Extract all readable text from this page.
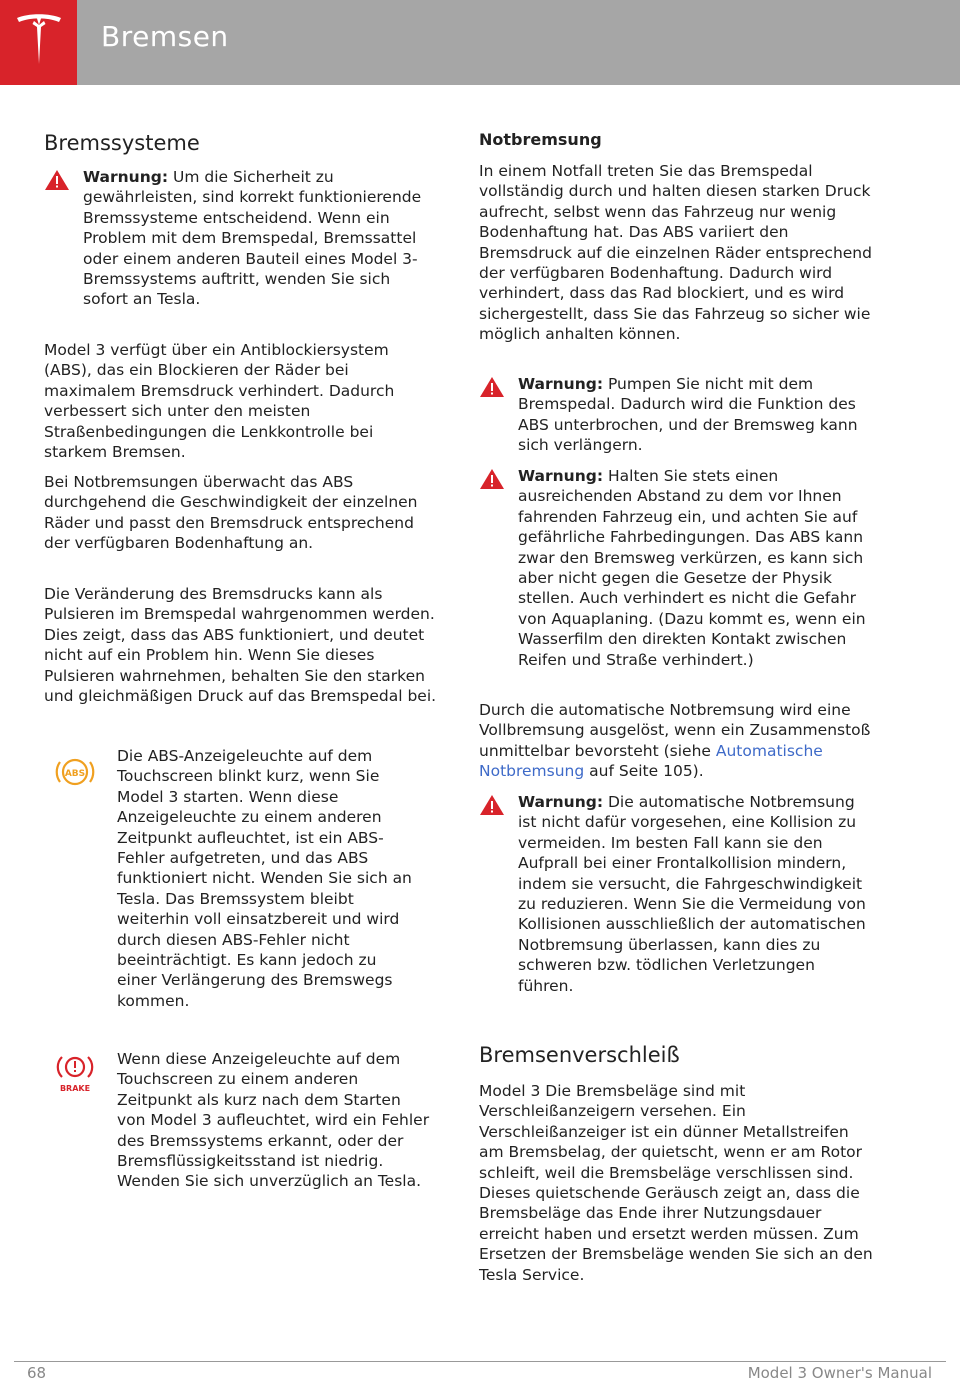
Bremsen
Bremssysteme
Warnung: Um die Sicherheit zu gewährleisten, sind korrekt funktionierende Bremssysteme entscheidend. Wenn ein Problem mit dem Bremspedal, Bremssattel oder einem anderen Bauteil eines Model 3-Bremssystems auftritt, wenden Sie sich sofort an Tesla.

Model 3 verfügt über ein Antiblockiersystem (ABS), das ein Blockieren der Räder bei maximalem Bremsdruck verhindert. Dadurch verbessert sich unter den meisten Straßenbedingungen die Lenkkontrolle bei starkem Bremsen.

Bei Notbremsungen überwacht das ABS durchgehend die Geschwindigkeit der einzelnen Räder und passt den Bremsdruck entsprechend der verfügbaren Bodenhaftung an.

Die Veränderung des Bremsdrucks kann als Pulsieren im Bremspedal wahrgenommen werden. Dies zeigt, dass das ABS funktioniert, und deutet nicht auf ein Problem hin. Wenn Sie dieses Pulsieren wahrnehmen, behalten Sie den starken und gleichmäßigen Druck auf das Bremspedal bei.

ABS
Die ABS-Anzeigeleuchte auf dem Touchscreen blinkt kurz, wenn Sie Model 3 starten. Wenn diese Anzeigeleuchte zu einem anderen Zeitpunkt aufleuchtet, ist ein ABS-Fehler aufgetreten, und das ABS funktioniert nicht. Wenden Sie sich an Tesla. Das Bremssystem bleibt weiterhin voll einsatzbereit und wird durch diesen ABS-Fehler nicht beeinträchtigt. Es kann jedoch zu einer Verlängerung des Bremswegs kommen.
BRAKE
Wenn diese Anzeigeleuchte auf dem Touchscreen zu einem anderen Zeitpunkt als kurz nach dem Starten von Model 3 aufleuchtet, wird ein Fehler des Bremssystems erkannt, oder der Bremsflüssigkeitsstand ist niedrig. Wenden Sie sich unverzüglich an Tesla.
Notbremsung

In einem Notfall treten Sie das Bremspedal vollständig durch und halten diesen starken Druck aufrecht, selbst wenn das Fahrzeug nur wenig Bodenhaftung hat. Das ABS variiert den Bremsdruck auf die einzelnen Räder entsprechend der verfügbaren Bodenhaftung. Dadurch wird verhindert, dass das Rad blockiert, und es wird sichergestellt, dass Sie das Fahrzeug so sicher wie möglich anhalten können.

Warnung: Pumpen Sie nicht mit dem Bremspedal. Dadurch wird die Funktion des ABS unterbrochen, und der Bremsweg kann sich verlängern.
Warnung: Halten Sie stets einen ausreichenden Abstand zu dem vor Ihnen fahrenden Fahrzeug ein, und achten Sie auf gefährliche Fahrbedingungen. Das ABS kann zwar den Bremsweg verkürzen, es kann sich aber nicht gegen die Gesetze der Physik stellen. Auch verhindert es nicht die Gefahr von Aquaplaning. (Dazu kommt es, wenn ein Wasserfilm den direkten Kontakt zwischen Reifen und Straße verhindert.)

Durch die automatische Notbremsung wird eine Vollbremsung ausgelöst, wenn ein Zusammenstoß unmittelbar bevorsteht (siehe Automatische Notbremsung auf Seite 105).

Warnung: Die automatische Notbremsung ist nicht dafür vorgesehen, eine Kollision zu vermeiden. Im besten Fall kann sie den Aufprall bei einer Frontalkollision mindern, indem sie versucht, die Fahrgeschwindigkeit zu reduzieren. Wenn Sie die Vermeidung von Kollisionen ausschließlich der automatischen Notbremsung überlassen, kann dies zu schweren bzw. tödlichen Verletzungen führen.
Bremsenverschleiß

Model 3 Die Bremsbeläge sind mit Verschleißanzeigern versehen. Ein Verschleißanzeiger ist ein dünner Metallstreifen am Bremsbelag, der quietscht, wenn er am Rotor schleift, weil die Bremsbeläge verschlissen sind. Dieses quietschende Geräusch zeigt an, dass die Bremsbeläge das Ende ihrer Nutzungsdauer erreicht haben und ersetzt werden müssen. Zum Ersetzen der Bremsbeläge wenden Sie sich an den Tesla Service.

68	Model 3 Owner's Manual
